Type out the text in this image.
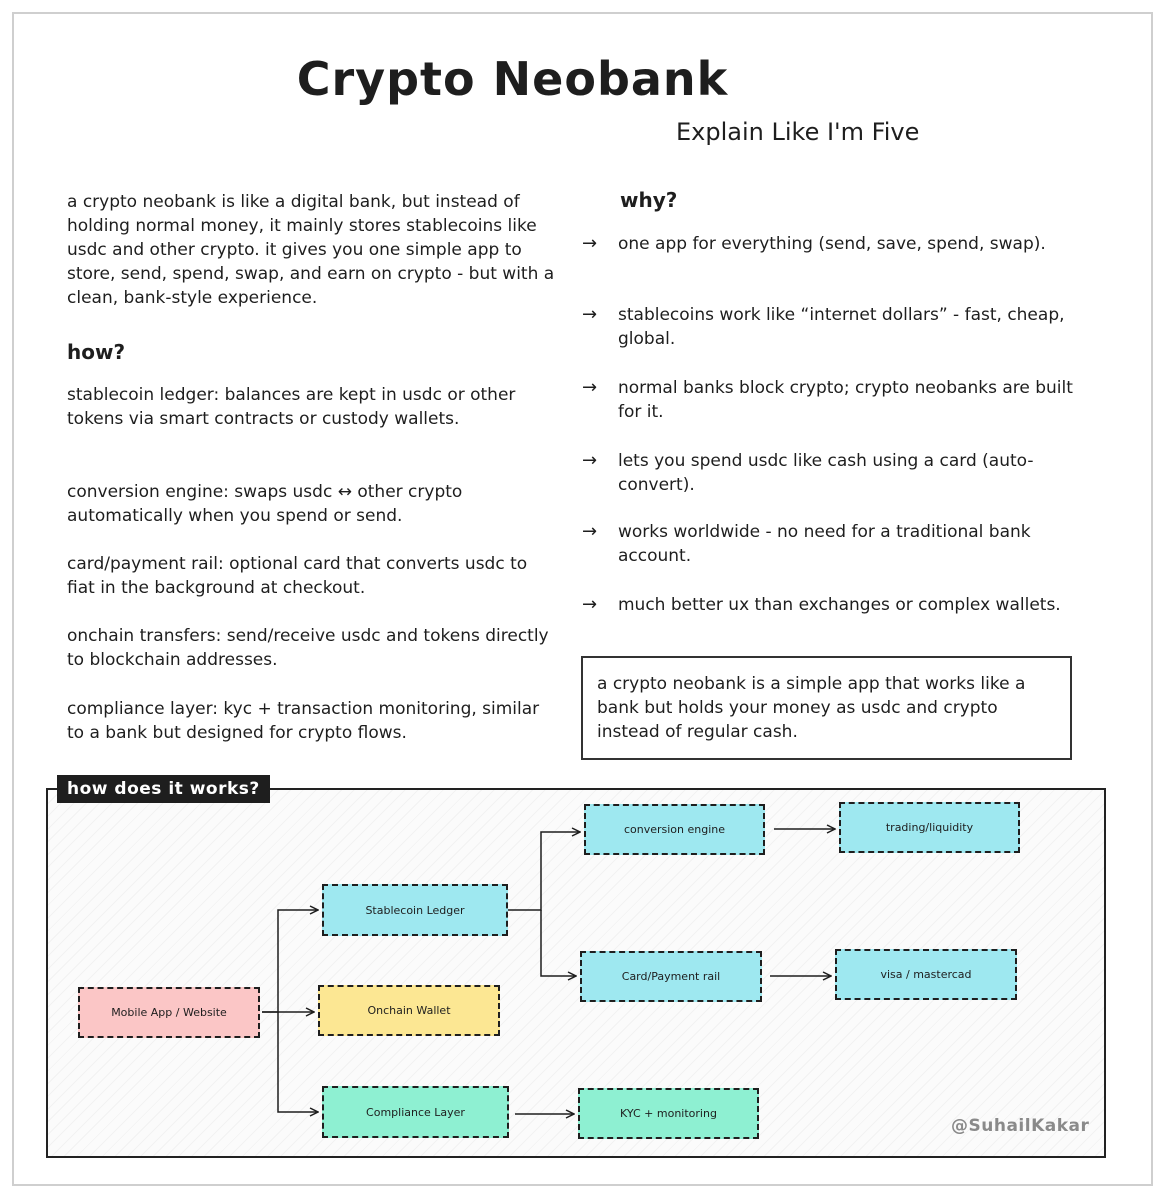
Crypto Neobank
Explain Like I'm Five
a crypto neobank is like a digital bank, but instead of holding normal money, it mainly stores stablecoins like usdc and other crypto. it gives you one simple app to store, send, spend, swap, and earn on crypto - but with a clean, bank-style experience.
how?
stablecoin ledger: balances are kept in usdc or other tokens via smart contracts or custody wallets.
conversion engine: swaps usdc ↔ other crypto automatically when you spend or send.
card/payment rail: optional card that converts usdc to fiat in the background at checkout.
onchain transfers: send/receive usdc and tokens directly to blockchain addresses.
compliance layer: kyc + transaction monitoring, similar to a bank but designed for crypto flows.
why?
→	one app for everything (send, save, spend, swap).
→	stablecoins work like “internet dollars” - fast, cheap, global.
→	normal banks block crypto; crypto neobanks are built for it.
→	lets you spend usdc like cash using a card (auto-convert).
→	works worldwide - no need for a traditional bank account.
→	much better ux than exchanges or complex wallets.
a crypto neobank is a simple app that works like a bank but holds your money as usdc and crypto instead of regular cash.
how does it works?
Mobile App / Website
Stablecoin Ledger
Onchain Wallet
Compliance Layer
conversion engine	trading/liquidity
Card/Payment rail	visa / mastercad
KYC + monitoring
@SuhailKakar
